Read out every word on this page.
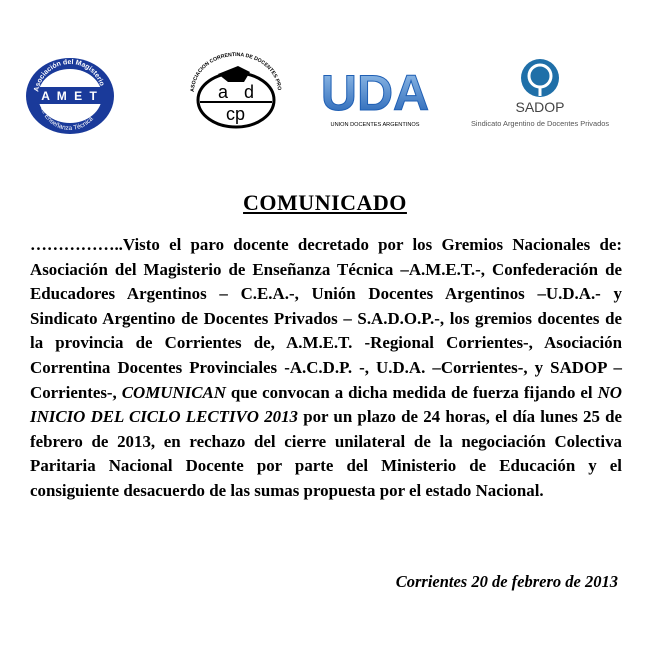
Asociación del Magisterio
de Enseñanza Técnica
A M E T	ASOCIACION CORRENTINA DE DOCENTES PRO
a d
cp UDA
UNION DOCENTES ARGENTINOS
SADOP
Sindicato Argentino de Docentes Privados
COMUNICADO
……………..Visto el paro docente decretado por los Gremios Nacionales de: Asociación del Magisterio de Enseñanza Técnica –A.M.E.T.-, Confederación de Educadores Argentinos – C.E.A.-, Unión Docentes Argentinos –U.D.A.- y Sindicato Argentino de Docentes Privados – S.A.D.O.P.-, los gremios docentes de la provincia de Corrientes de, A.M.E.T. -Regional Corrientes-, Asociación Correntina Docentes Provinciales -A.C.D.P. -, U.D.A. –Corrientes-, y SADOP –Corrientes-, COMUNICAN que convocan a dicha medida de fuerza fijando el NO INICIO DEL CICLO LECTIVO 2013 por un plazo de 24 horas, el día lunes 25 de febrero de 2013, en rechazo del cierre unilateral de la negociación Colectiva Paritaria Nacional Docente por parte del Ministerio de Educación y el consiguiente desacuerdo de las sumas propuesta por el estado Nacional.
Corrientes 20 de febrero de 2013
